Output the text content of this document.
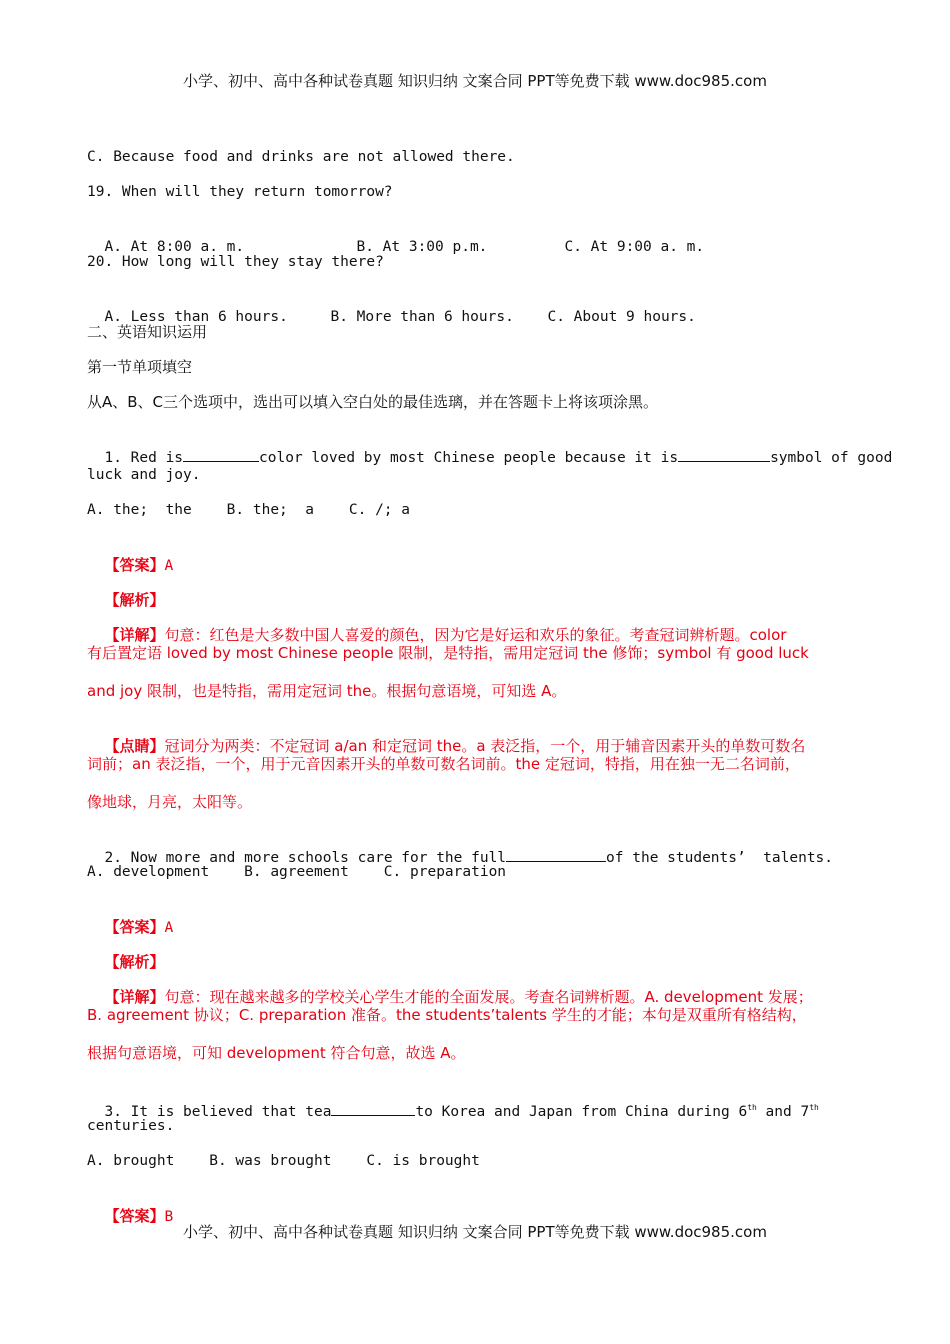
小学、初中、高中各种试卷真题 知识归纳 文案合同 PPT等免费下载 www.doc985.com
C. Because food and drinks are not allowed there.
19. When will they return tomorrow?

A. At 8:00 a. m.	B. At 3:00 p.m.	C. At 9:00 a. m.

20. How long will they stay there?

A. Less than 6 hours.	B. More than 6 hours. C. About 9 hours.

二、英语知识运用
第一节单项填空
从A、B、C三个选项中，选出可以填入空白处的最佳选璃，并在答题卡上将该项涂黑。

1. Red is	color loved by most Chinese people because it is	symbol of good

luck and joy.
A. the;  the    B. the;  a    C. /; a

【答案】A

【解析】

【详解】句意：红色是大多数中国人喜爱的颜色，因为它是好运和欢乐的象征。考查冠词辨析题。color

有后置定语 loved by most Chinese people 限制，是特指，需用定冠词 the 修饰；symbol 有 good luck
and joy 限制，也是特指，需用定冠词 the。根据句意语境，可知选 A。

【点睛】冠词分为两类：不定冠词 a/an 和定冠词 the。a 表泛指，一个，用于辅音因素开头的单数可数名

词前；an 表泛指，一个，用于元音因素开头的单数可数名词前。the 定冠词，特指，用在独一无二名词前，
像地球，月亮，太阳等。

2. Now more and more schools care for the full	of the students’  talents.

A. development    B. agreement    C. preparation

【答案】A

【解析】

【详解】句意：现在越来越多的学校关心学生才能的全面发展。考查名词辨析题。A. development 发展；

B. agreement 协议；C. preparation 准备。the students’talents 学生的才能；本句是双重所有格结构，
根据句意语境，可知 development 符合句意，故选 A。

3. It is believed that tea	to Korea and Japan from China during 6th and 7th

centuries.
A. brought    B. was brought    C. is brought

【答案】B

小学、初中、高中各种试卷真题 知识归纳 文案合同 PPT等免费下载 www.doc985.com
